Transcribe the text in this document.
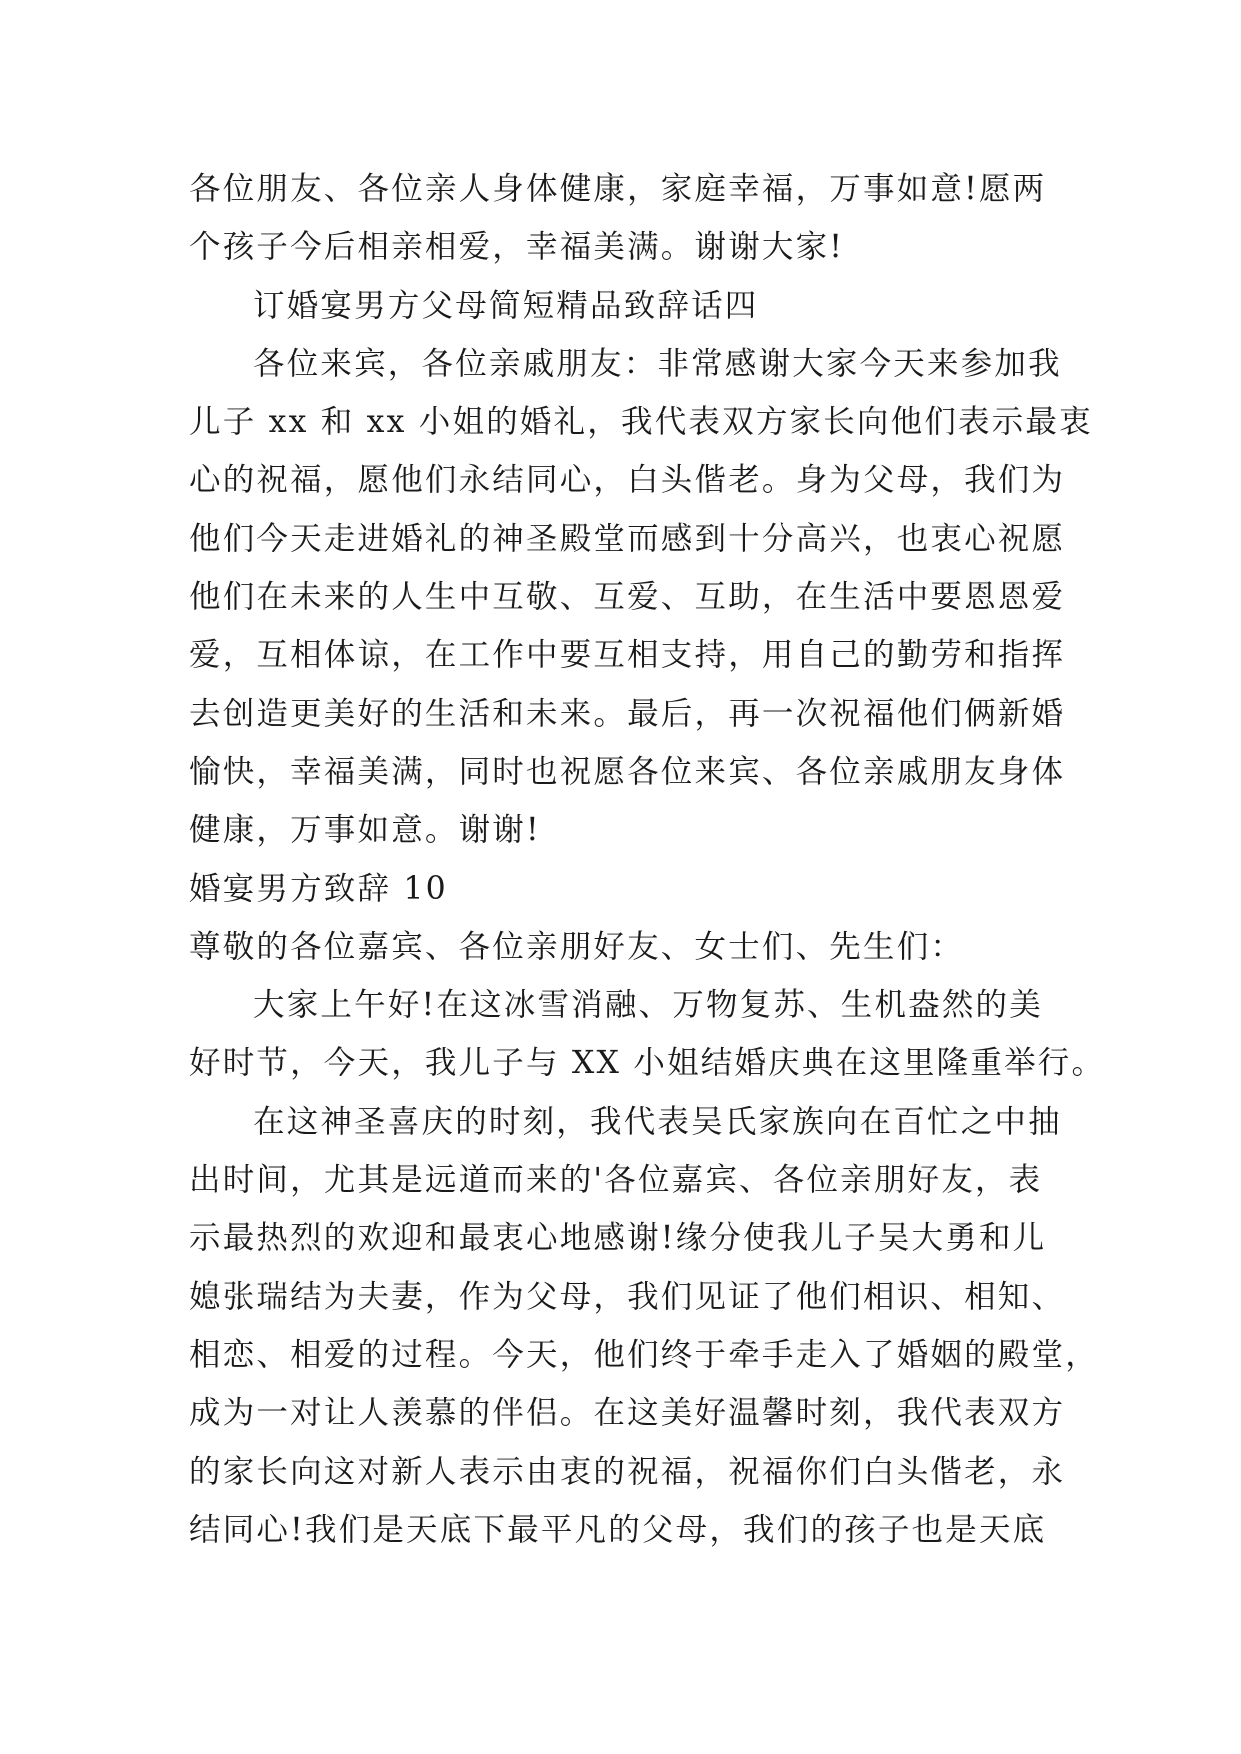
各位朋友、各位亲人身体健康，家庭幸福，万事如意!愿两
个孩子今后相亲相爱，幸福美满。谢谢大家!
订婚宴男方父母简短精品致辞话四
各位来宾，各位亲戚朋友：非常感谢大家今天来参加我
儿子 xx 和 xx 小姐的婚礼，我代表双方家长向他们表示最衷
心的祝福，愿他们永结同心，白头偕老。身为父母，我们为
他们今天走进婚礼的神圣殿堂而感到十分高兴，也衷心祝愿
他们在未来的人生中互敬、互爱、互助，在生活中要恩恩爱
爱，互相体谅，在工作中要互相支持，用自己的勤劳和指挥
去创造更美好的生活和未来。最后，再一次祝福他们俩新婚
愉快，幸福美满，同时也祝愿各位来宾、各位亲戚朋友身体
健康，万事如意。谢谢!
婚宴男方致辞 10
尊敬的各位嘉宾、各位亲朋好友、女士们、先生们：
大家上午好!在这冰雪消融、万物复苏、生机盎然的美
好时节，今天，我儿子与 XX 小姐结婚庆典在这里隆重举行。
在这神圣喜庆的时刻，我代表吴氏家族向在百忙之中抽
出时间，尤其是远道而来的'各位嘉宾、各位亲朋好友，表
示最热烈的欢迎和最衷心地感谢!缘分使我儿子吴大勇和儿
媳张瑞结为夫妻，作为父母，我们见证了他们相识、相知、
相恋、相爱的过程。今天，他们终于牵手走入了婚姻的殿堂，
成为一对让人羡慕的伴侣。在这美好温馨时刻，我代表双方
的家长向这对新人表示由衷的祝福，祝福你们白头偕老，永
结同心!我们是天底下最平凡的父母，我们的孩子也是天底
